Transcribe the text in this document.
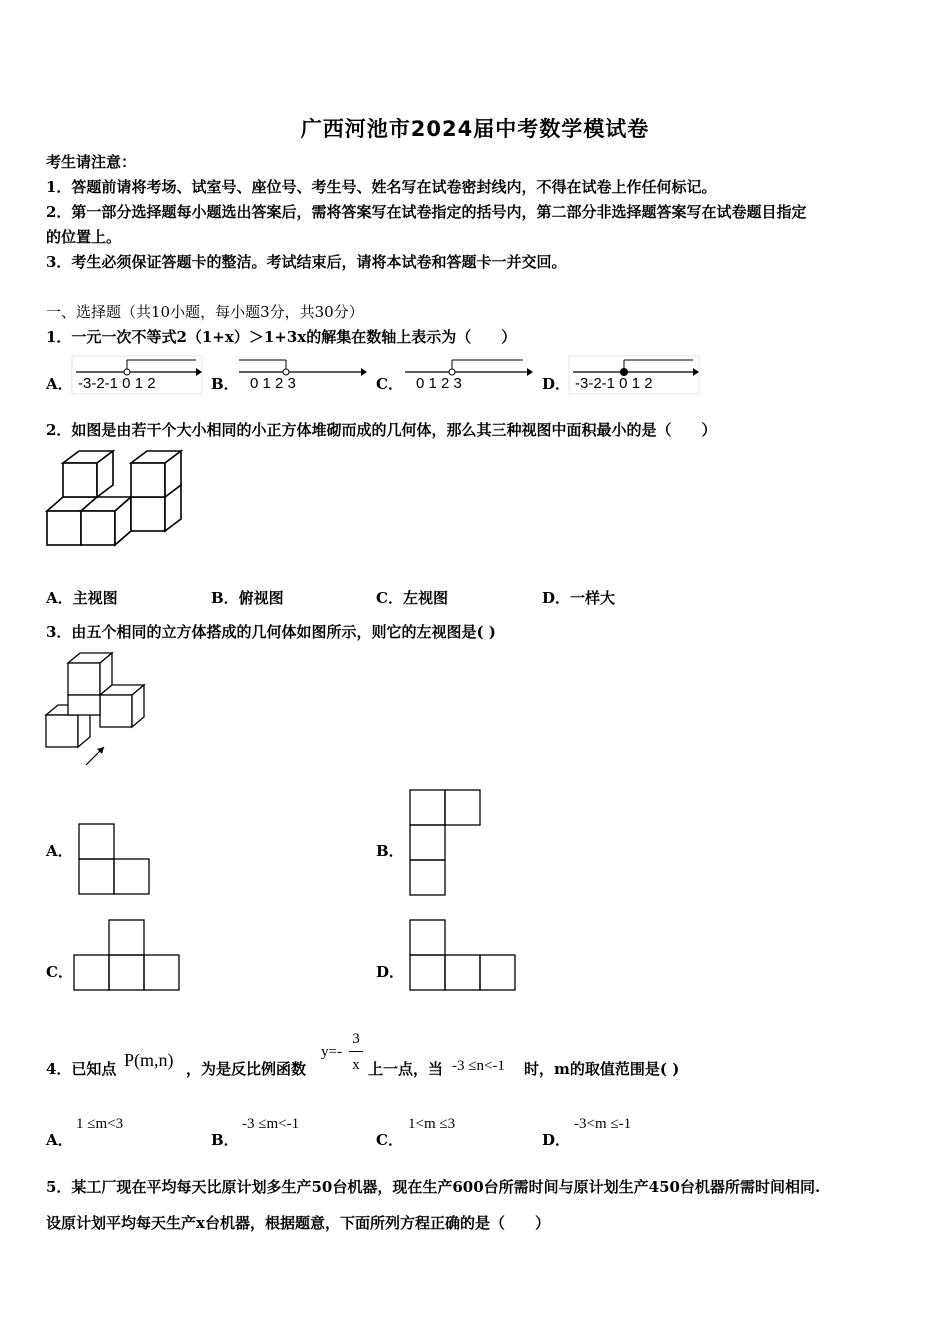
广西河池市2024届中考数学模试卷
考生请注意：
1．答题前请将考场、试室号、座位号、考生号、姓名写在试卷密封线内，不得在试卷上作任何标记。
2．第一部分选择题每小题选出答案后，需将答案写在试卷指定的括号内，第二部分非选择题答案写在试卷题目指定
的位置上。
3．考生必须保证答题卡的整洁。考试结束后，请将本试卷和答题卡一并交回。
一、选择题（共10小题，每小题3分，共30分）
1．一元一次不等式2（1+x）＞1+3x的解集在数轴上表示为（　　）
A． -3-2-1 0 1 2	B． 0 1 2 3	C． 0 1 2 3	D． -3-2-1 0 1 2
2．如图是由若干个大小相同的小正方体堆砌而成的几何体，那么其三种视图中面积最小的是（　　）
A．主视图	B．俯视图	C．左视图	D．一样大
3．由五个相同的立方体搭成的几何体如图所示，则它的左视图是( )
A．	B．
C．	D．
4．已知点 P(m,n) ，为是反比例函数
y=-
3
x 上一点，当 -3 ≤n<-1 时，m的取值范围是( )
A．
1 ≤m<3
B．
-3 ≤m<-1
C．
1<m ≤3
D．
-3<m ≤-1
5．某工厂现在平均每天比原计划多生产50台机器，现在生产600台所需时间与原计划生产450台机器所需时间相同.
设原计划平均每天生产x台机器，根据题意，下面所列方程正确的是（　　）
